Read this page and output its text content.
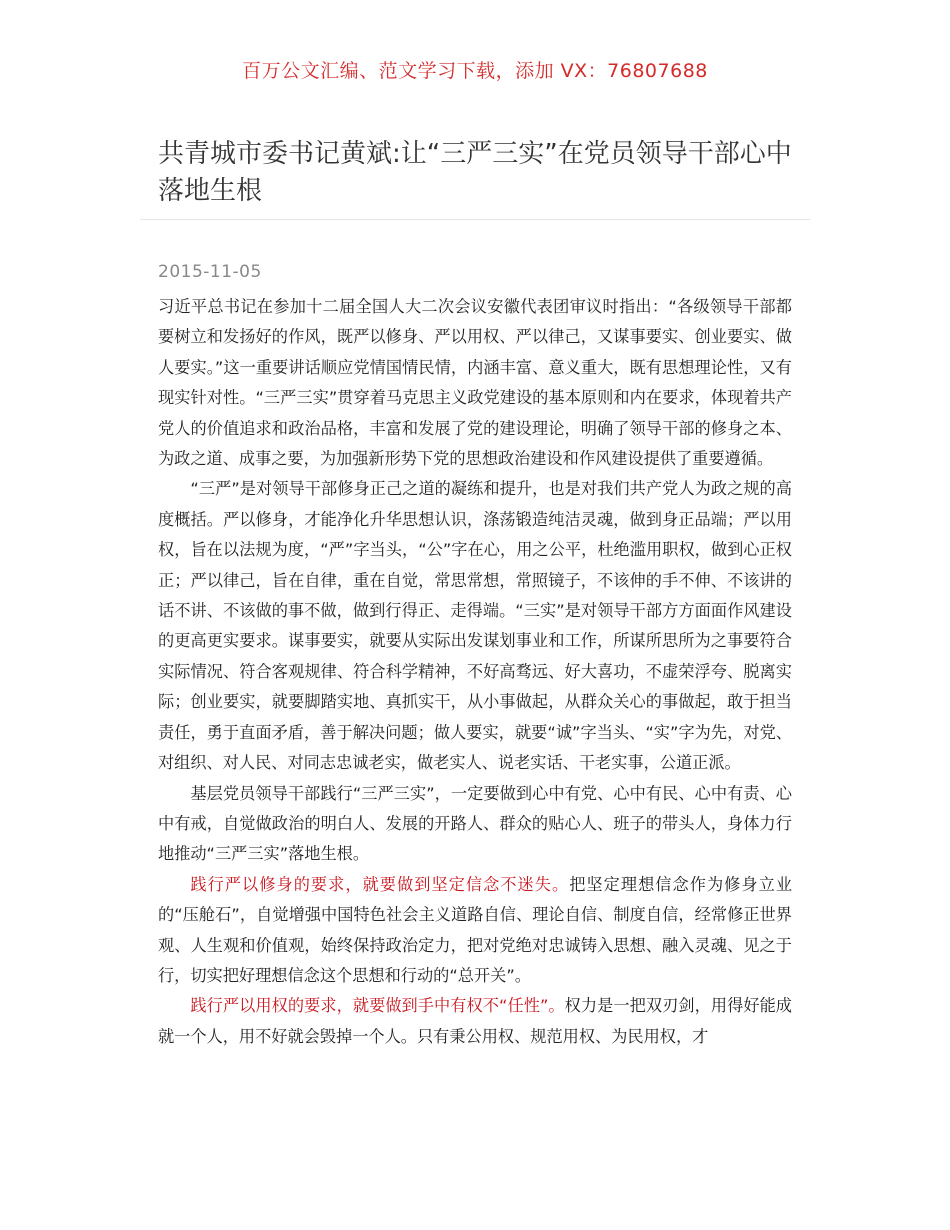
百万公文汇编、范文学习下载，添加 VX：76807688
共青城市委书记黄斌:让“三严三实”在党员领导干部心中落地生根
2015-11-05

习近平总书记在参加十二届全国人大二次会议安徽代表团审议时指出：“各级领导干部都要树立和发扬好的作风，既严以修身、严以用权、严以律己，又谋事要实、创业要实、做人要实。”这一重要讲话顺应党情国情民情，内涵丰富、意义重大，既有思想理论性，又有现实针对性。“三严三实”贯穿着马克思主义政党建设的基本原则和内在要求，体现着共产党人的价值追求和政治品格，丰富和发展了党的建设理论，明确了领导干部的修身之本、为政之道、成事之要，为加强新形势下党的思想政治建设和作风建设提供了重要遵循。

“三严”是对领导干部修身正己之道的凝练和提升，也是对我们共产党人为政之规的高度概括。严以修身，才能净化升华思想认识，涤荡锻造纯洁灵魂，做到身正品端；严以用权，旨在以法规为度，“严”字当头，“公”字在心，用之公平，杜绝滥用职权，做到心正权正；严以律己，旨在自律，重在自觉，常思常想，常照镜子，不该伸的手不伸、不该讲的话不讲、不该做的事不做，做到行得正、走得端。“三实”是对领导干部方方面面作风建设的更高更实要求。谋事要实，就要从实际出发谋划事业和工作，所谋所思所为之事要符合实际情况、符合客观规律、符合科学精神，不好高骛远、好大喜功，不虚荣浮夸、脱离实际；创业要实，就要脚踏实地、真抓实干，从小事做起，从群众关心的事做起，敢于担当责任，勇于直面矛盾，善于解决问题；做人要实，就要“诚”字当头、“实”字为先，对党、对组织、对人民、对同志忠诚老实，做老实人、说老实话、干老实事，公道正派。

基层党员领导干部践行“三严三实”，一定要做到心中有党、心中有民、心中有责、心中有戒，自觉做政治的明白人、发展的开路人、群众的贴心人、班子的带头人，身体力行地推动“三严三实”落地生根。

践行严以修身的要求，就要做到坚定信念不迷失。把坚定理想信念作为修身立业的“压舱石”，自觉增强中国特色社会主义道路自信、理论自信、制度自信，经常修正世界观、人生观和价值观，始终保持政治定力，把对党绝对忠诚铸入思想、融入灵魂、见之于行，切实把好理想信念这个思想和行动的“总开关”。

践行严以用权的要求，就要做到手中有权不“任性”。权力是一把双刃剑，用得好能成就一个人，用不好就会毁掉一个人。只有秉公用权、规范用权、为民用权，才
